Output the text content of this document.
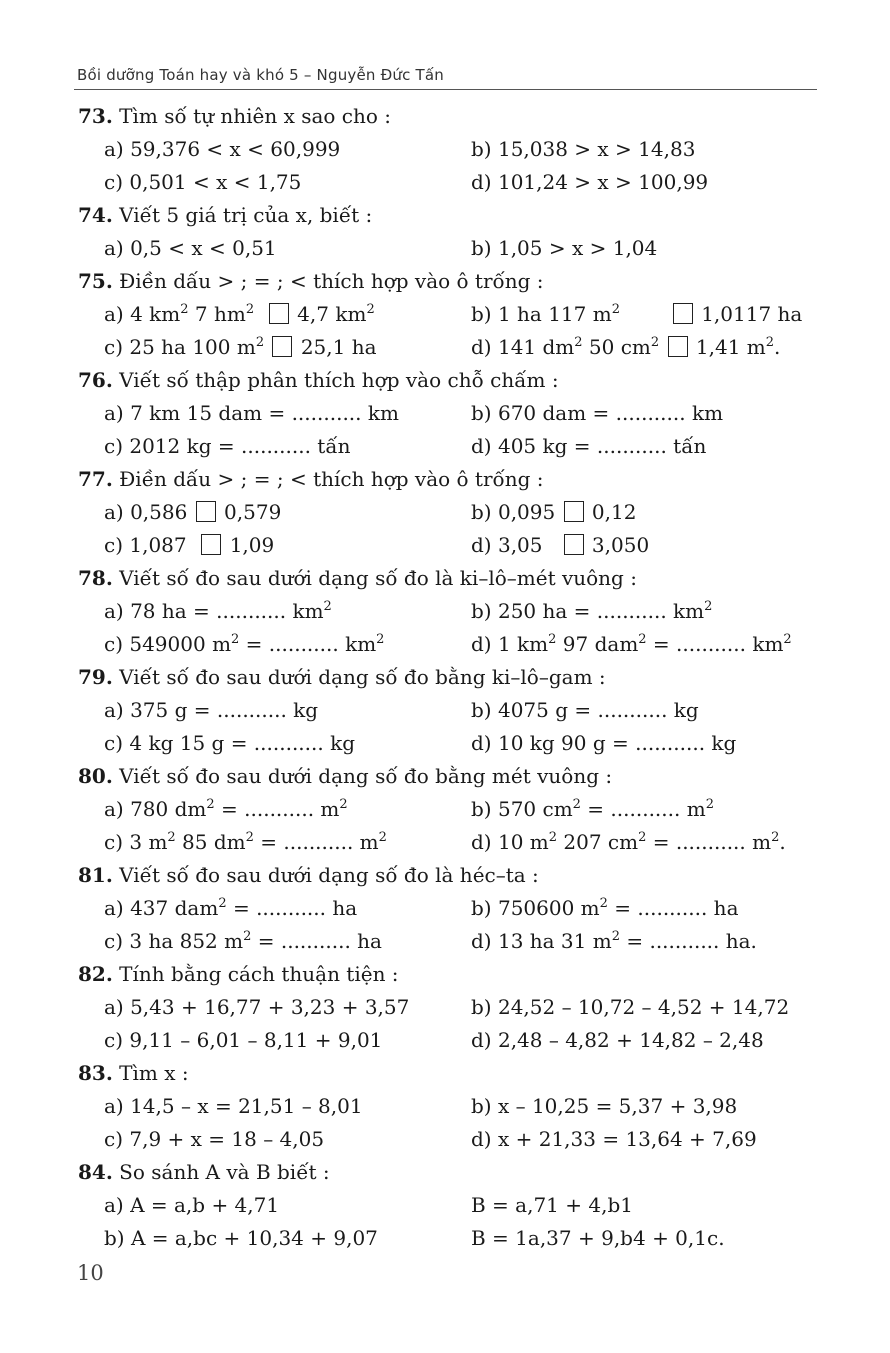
Bồi dưỡng Toán hay và khó 5 – Nguyễn Đức Tấn
73. Tìm số tự nhiên x sao cho :
a) 59,376 < x < 60,999	b) 15,038 > x > 14,83
c) 0,501 < x < 1,75	d) 101,24 > x > 100,99
74. Viết 5 giá trị của x, biết :
a) 0,5 < x < 0,51	b) 1,05 > x > 1,04
75. Điền dấu > ; = ; < thích hợp vào ô trống :
a) 4 $km^2$ 7 $hm^2$   4,7 $km^2$	b) 1 ha 117 $m^2$	1,0117 ha
c) 25 ha 100 $m^2$  25,1 ha	d) 141 $dm^2$ 50 $cm^2$  1,41 $m^2$.
76. Viết số thập phân thích hợp vào chỗ chấm :
a) 7 km 15 dam = ........... km	b) 670 dam = ........... km
c) 2012 kg = ........... tấn	d) 405 kg = ........... tấn
77. Điền dấu > ; = ; < thích hợp vào ô trống :
a) 0,586  0,579	b) 0,095  0,12
c) 1,087   1,09	d) 3,05    3,050
78. Viết số đo sau dưới dạng số đo là ki–lô–mét vuông :
a) 78 ha = ........... $km^2$	b) 250 ha = ........... $km^2$
c) 549000 $m^2$ = ........... $km^2$	d) 1 $km^2$ 97 dam$^2$ = ........... $km^2$
79. Viết số đo sau dưới dạng số đo bằng ki–lô–gam :
a) 375 g = ........... kg	b) 4075 g = ........... kg
c) 4 kg 15 g = ........... kg	d) 10 kg 90 g = ........... kg
80. Viết số đo sau dưới dạng số đo bằng mét vuông :
a) 780 $dm^2$ = ........... $m^2$	b) 570 $cm^2$ = ........... $m^2$
c) 3 $m^2$ 85 $dm^2$ = ........... $m^2$	d) 10 $m^2$ 207 $cm^2$ = ........... $m^2$.
81. Viết số đo sau dưới dạng số đo là héc–ta :
a) 437 dam$^2$ = ........... ha	b) 750600 $m^2$ = ........... ha
c) 3 ha 852 $m^2$ = ........... ha	d) 13 ha 31 $m^2$ = ........... ha.
82. Tính bằng cách thuận tiện :
a) 5,43 + 16,77 + 3,23 + 3,57	b) 24,52 – 10,72 – 4,52 + 14,72
c) 9,11 – 6,01 – 8,11 + 9,01	d) 2,48 – 4,82 + 14,82 – 2,48
83. Tìm x :
a) 14,5 – x = 21,51 – 8,01	b) x – 10,25 = 5,37 + 3,98
c) 7,9 + x = 18 – 4,05	d) x + 21,33 = 13,64 + 7,69
84. So sánh A và B biết :
a) A = a,b + 4,71	B = a,71 + 4,b1
b) A = a,bc + 10,34 + 9,07	B = 1a,37 + 9,b4 + 0,1c.
10
